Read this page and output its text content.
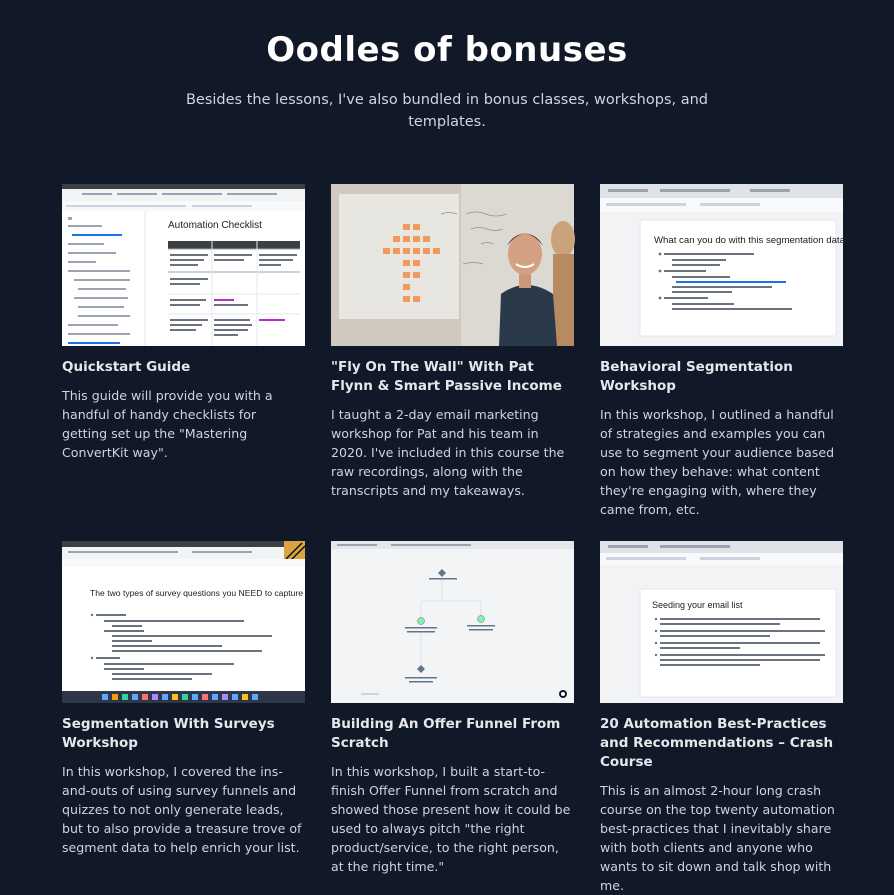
Oodles of bonuses

Besides the lessons, I've also bundled in bonus classes, workshops, and templates.

Automation Checklist
Quickstart Guide

This guide will provide you with a handful of handy checklists for getting set up the "Mastering ConvertKit way".

"Fly On The Wall" With Pat Flynn & Smart Passive Income

I taught a 2-day email marketing workshop for Pat and his team in 2020. I've included in this course the raw recordings, along with the transcripts and my takeaways.

What can you do with this segmentation data?
Behavioral Segmentation Workshop

In this workshop, I outlined a handful of strategies and examples you can use to segment your audience based on how they behave: what content they're engaging with, where they came from, etc.

The two types of survey questions you NEED to capture
Segmentation With Surveys Workshop

In this workshop, I covered the ins-and-outs of using survey funnels and quizzes to not only generate leads, but to also provide a treasure trove of segment data to help enrich your list.

Building An Offer Funnel From Scratch

In this workshop, I built a start-to-finish Offer Funnel from scratch and showed those present how it could be used to always pitch "the right product/service, to the right person, at the right time."

Seeding your email list
20 Automation Best-Practices and Recommendations – Crash Course

This is an almost 2-hour long crash course on the top twenty automation best-practices that I inevitably share with both clients and anyone who wants to sit down and talk shop with me.
